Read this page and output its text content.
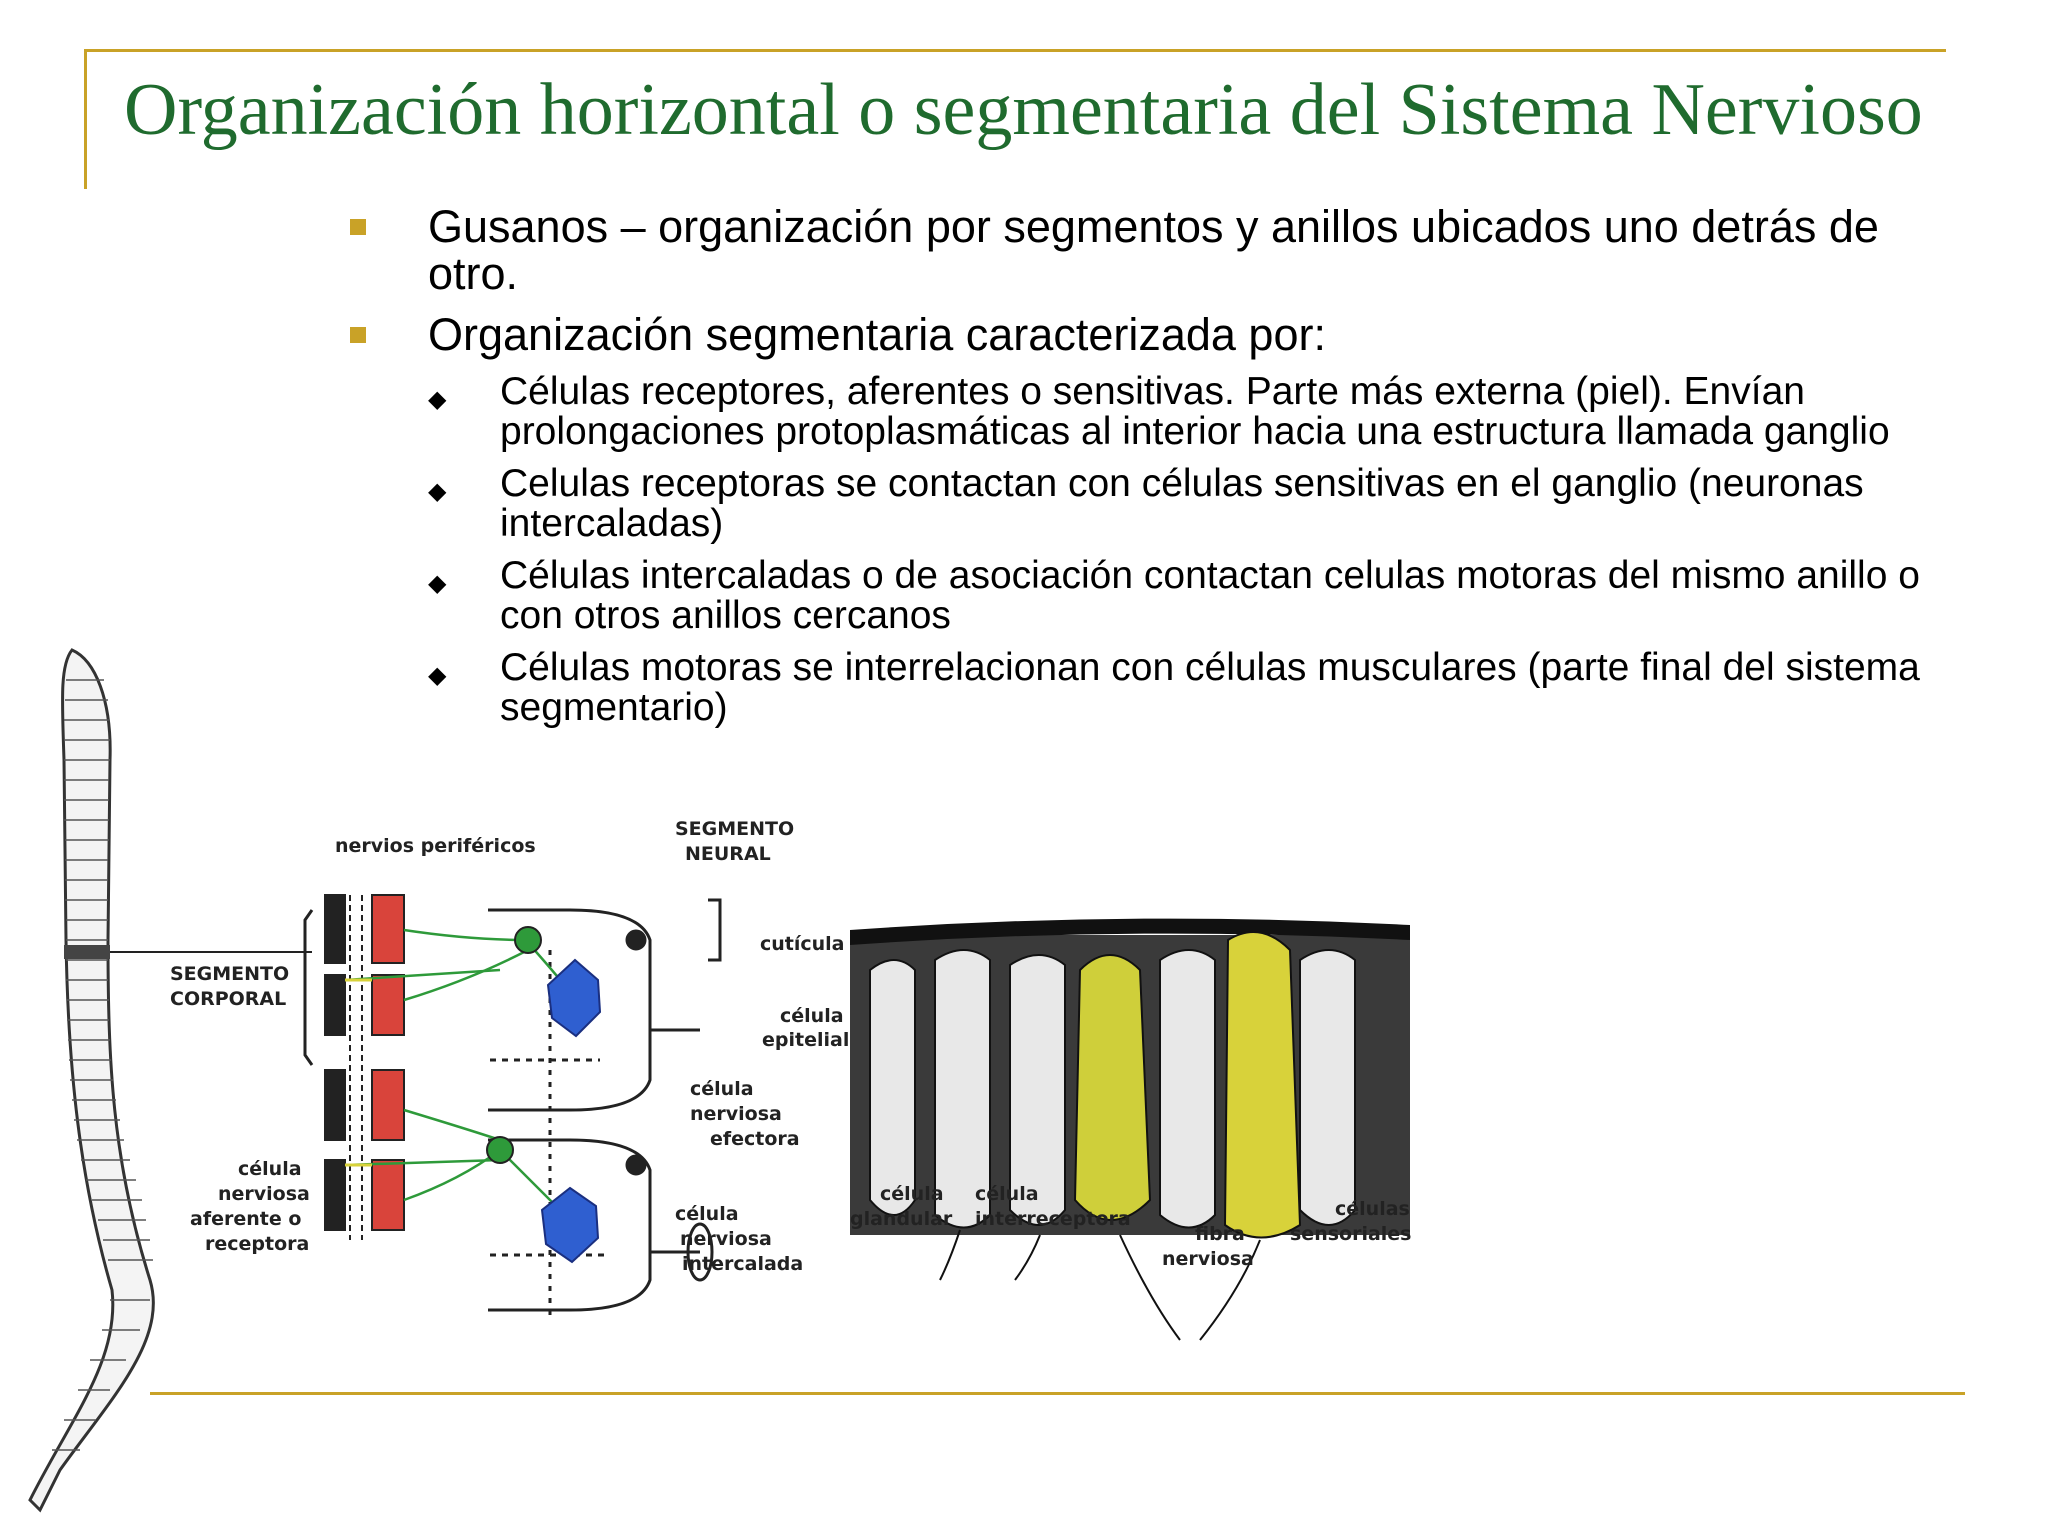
Organización horizontal o segmentaria del Sistema Nervioso
Gusanos – organización por segmentos y anillos ubicados uno detrás de otro.
Organización segmentaria caracterizada por:
◆ Células receptores, aferentes o sensitivas. Parte más externa (piel). Envían prolongaciones protoplasmáticas al interior hacia una estructura llamada ganglio
◆ Celulas receptoras se contactan con células sensitivas en el ganglio (neuronas intercaladas)
◆ Células intercaladas o de asociación contactan celulas motoras del mismo anillo o con otros anillos cercanos
◆ Células motoras se interrelacionan con células musculares (parte final del sistema segmentario)
nervios periféricos
SEGMENTO
NEURAL
SEGMENTO
CORPORAL
cutícula
célula
epitelial
célula
nerviosa
efectora
célula
nerviosa
aferente o
receptora
célula
nerviosa
intercalada
célula
glandular
célula
interreceptora
fibra
nerviosa
células
sensoriales
